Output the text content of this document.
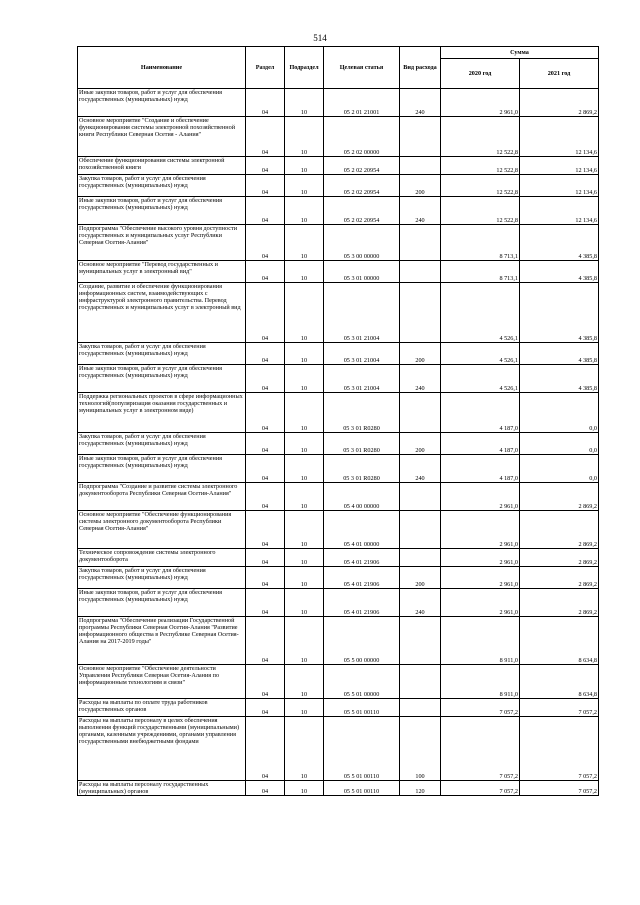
514
Наименование	Раздел	Подраздел	Целевая статья	Вид расхода	Сумма	
					2020 год	2021 год
Иные закупки товаров, работ и услуг для обеспечения государственных (муниципальных) нужд	04	10	05 2 01 21001	240	2 961,0	2 869,2
Основное мероприятие "Создание и обеспечение функционирования системы электронной похозяйственной книги Республики Северная Осетия - Алания"	04	10	05 2 02 00000		12 522,8	12 134,6
Обеспечение функционирования системы электронной похозяйственной книги	04	10	05 2 02 20954		12 522,8	12 134,6
Закупка товаров, работ и услуг для обеспечения государственных (муниципальных) нужд	04	10	05 2 02 20954	200	12 522,8	12 134,6
Иные закупки товаров, работ и услуг для обеспечения государственных (муниципальных) нужд	04	10	05 2 02 20954	240	12 522,8	12 134,6
Подпрограмма "Обеспечение высокого уровня доступности государственных и муниципальных услуг Республики Северная Осетия-Алания"	04	10	05 3 00 00000		8 713,1	4 385,8
Основное мероприятие "Перевод государственных и муниципальных услуг в электронный вид"	04	10	05 3 01 00000		8 713,1	4 385,8
Создание, развитие и обеспечение функционирования информационных систем, взаимодействующих с инфраструктурой электронного правительства. Перевод государственных и муниципальных услуг в электронный вид	04	10	05 3 01 21004		4 526,1	4 385,8
Закупка товаров, работ и услуг для обеспечения государственных (муниципальных) нужд	04	10	05 3 01 21004	200	4 526,1	4 385,8
Иные закупки товаров, работ и услуг для обеспечения государственных (муниципальных) нужд	04	10	05 3 01 21004	240	4 526,1	4 385,8
Поддержка региональных проектов в сфере информационных технологий(популяризация оказания государственных и муниципальных услуг в электронном виде)	04	10	05 3 01 R0280		4 187,0	0,0
Закупка товаров, работ и услуг для обеспечения государственных (муниципальных) нужд	04	10	05 3 01 R0280	200	4 187,0	0,0
Иные закупки товаров, работ и услуг для обеспечения государственных (муниципальных) нужд	04	10	05 3 01 R0280	240	4 187,0	0,0
Подпрограмма "Создание и развитие системы электронного документооборота Республики Северная Осетия-Алания"	04	10	05 4 00 00000		2 961,0	2 869,2
Основное мероприятие "Обеспечение функционирования системы электронного документооборота Республики Северная Осетия-Алания"	04	10	05 4 01 00000		2 961,0	2 869,2
Техническое сопровождение системы электронного документооборота	04	10	05 4 01 21906		2 961,0	2 869,2
Закупка товаров, работ и услуг для обеспечения государственных (муниципальных) нужд	04	10	05 4 01 21906	200	2 961,0	2 869,2
Иные закупки товаров, работ и услуг для обеспечения государственных (муниципальных) нужд	04	10	05 4 01 21906	240	2 961,0	2 869,2
Подпрограмма "Обеспечение реализации Государственной программы Республики Северная Осетия-Алания "Развитие информационного общества в Республике Северная Осетия-Алания на 2017-2019 годы"	04	10	05 5 00 00000		8 911,0	8 634,8
Основное мероприятие "Обеспечение деятельности Управления Республики Северная Осетия-Алания по информационным технологиям и связи"	04	10	05 5 01 00000		8 911,0	8 634,8
Расходы на выплаты по оплате труда работников государственных органов	04	10	05 5 01 00110		7 057,2	7 057,2
Расходы на выплаты персоналу в целях обеспечения выполнения функций государственными (муниципальными) органами, казенными учреждениями, органами управления государственными внебюджетными фондами	04	10	05 5 01 00110	100	7 057,2	7 057,2
Расходы на выплаты персоналу государственных (муниципальных) органов	04	10	05 5 01 00110	120	7 057,2	7 057,2
